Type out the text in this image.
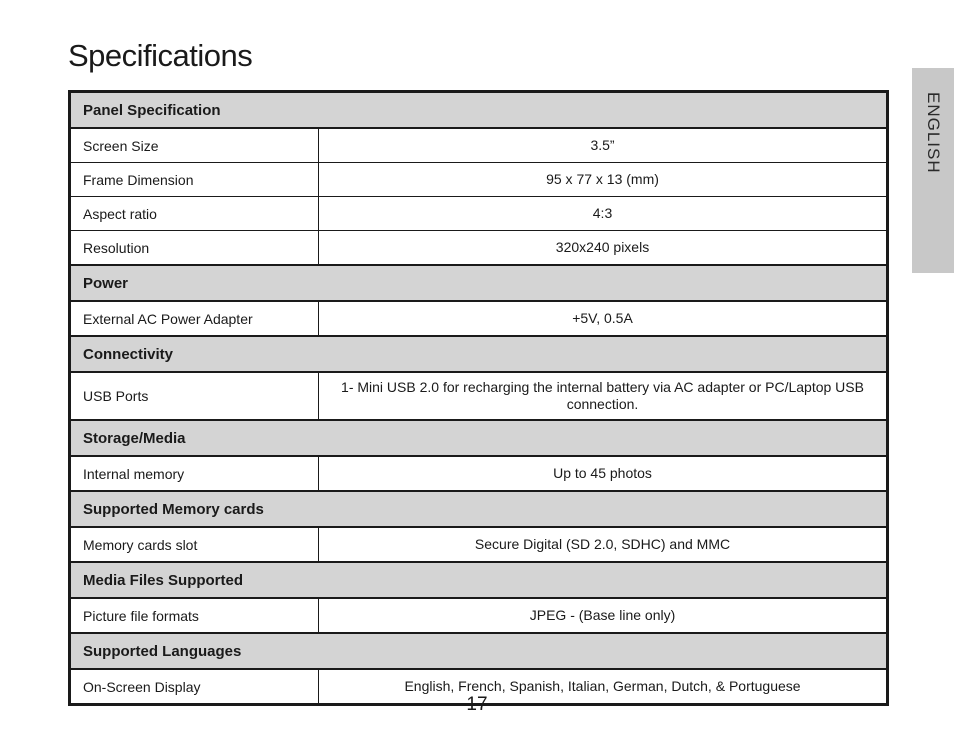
Specifications
ENGLISH
Panel Specification	
Screen Size	3.5”
Frame Dimension	95 x 77 x 13 (mm)
Aspect ratio	4:3
Resolution	320x240 pixels
Power	
External AC Power Adapter	+5V, 0.5A
Connectivity	
USB Ports	1- Mini USB 2.0 for recharging the internal battery via AC adapter or PC/Laptop USB connection.
Storage/Media	
Internal memory	Up to 45 photos
Supported Memory cards	
Memory cards slot	Secure Digital (SD 2.0, SDHC) and MMC
Media Files Supported	
Picture file formats	JPEG - (Base line only)
Supported Languages	
On-Screen Display	English, French, Spanish, Italian, German, Dutch, & Portuguese
17
